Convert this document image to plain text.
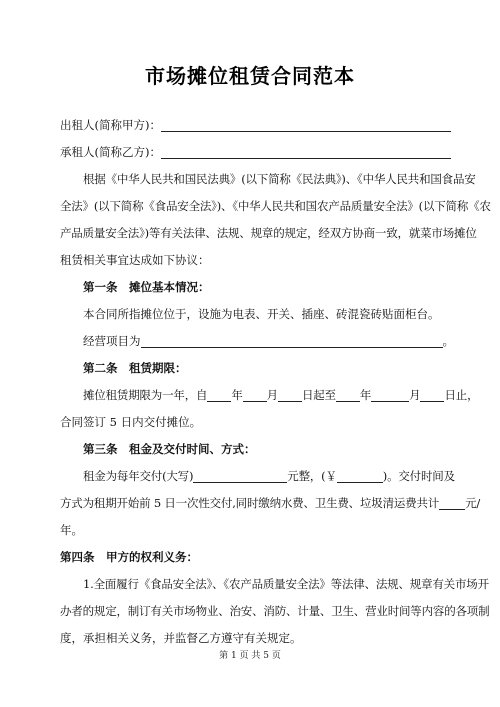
市场摊位租赁合同范本
出租人(简称甲方)：
承租人(简称乙方)：

根据《中华人民共和国民法典》(以下简称《民法典》)、《中华人民共和国食品安

全法》(以下简称《食品安全法》)、《中华人民共和国农产品质量安全法》(以下简称《农

产品质量安全法》)等有关法律、法规、规章的规定，经双方协商一致，就菜市场摊位

租赁相关事宜达成如下协议：

第一条　摊位基本情况：

本合同所指摊位位于，设施为电表、开关、插座、砖混瓷砖贴面柜台。

经营项目为	。

第二条　租赁期限：

摊位租赁期限为一年，自 年 月 日起至 年	月 日止，

合同签订 5 日内交付摊位。

第三条　租金及交付时间、方式：

租金为每年交付(大写)	元整，(￥	)。交付时间及
方式为租期开始前 5 日一次性交付,同时缴纳水费、卫生费、垃圾清运费共计 元/

年。

第四条　甲方的权利义务：

1.全面履行《食品安全法》、《农产品质量安全法》等法律、法规、规章有关市场开

办者的规定，制订有关市场物业、治安、消防、计量、卫生、营业时间等内容的各项制

度，承担相关义务，并监督乙方遵守有关规定。

第 1 页 共 5 页
